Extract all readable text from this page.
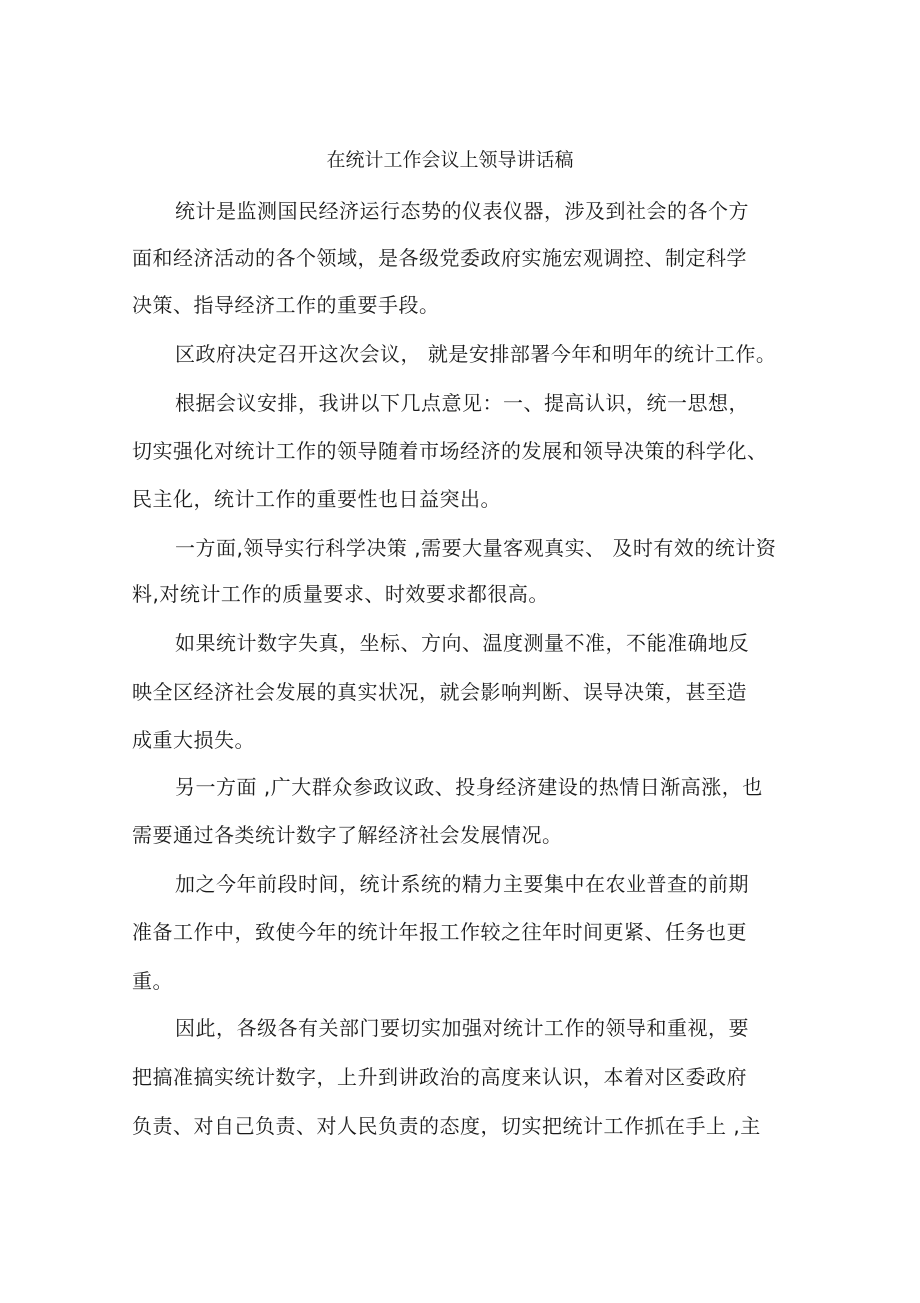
在统计工作会议上领导讲话稿
统计是监测国民经济运行态势的仪表仪器，涉及到社会的各个方
面和经济活动的各个领域，是各级党委政府实施宏观调控、制定科学
决策、指导经济工作的重要手段。
区政府决定召开这次会议， 就是安排部署今年和明年的统计工作。
根据会议安排，我讲以下几点意见：一、提高认识，统一思想，
切实强化对统计工作的领导随着市场经济的发展和领导决策的科学化、
民主化，统计工作的重要性也日益突出。
一方面,领导实行科学决策 ,需要大量客观真实、 及时有效的统计资
料,对统计工作的质量要求、时效要求都很高。
如果统计数字失真，坐标、方向、温度测量不准，不能准确地反
映全区经济社会发展的真实状况，就会影响判断、误导决策，甚至造
成重大损失。
另一方面 ,广大群众参政议政、投身经济建设的热情日渐高涨，也
需要通过各类统计数字了解经济社会发展情况。
加之今年前段时间，统计系统的精力主要集中在农业普查的前期
准备工作中，致使今年的统计年报工作较之往年时间更紧、任务也更
重。
因此，各级各有关部门要切实加强对统计工作的领导和重视，要
把搞准搞实统计数字，上升到讲政治的高度来认识，本着对区委政府
负责、对自己负责、对人民负责的态度，切实把统计工作抓在手上 ,主
